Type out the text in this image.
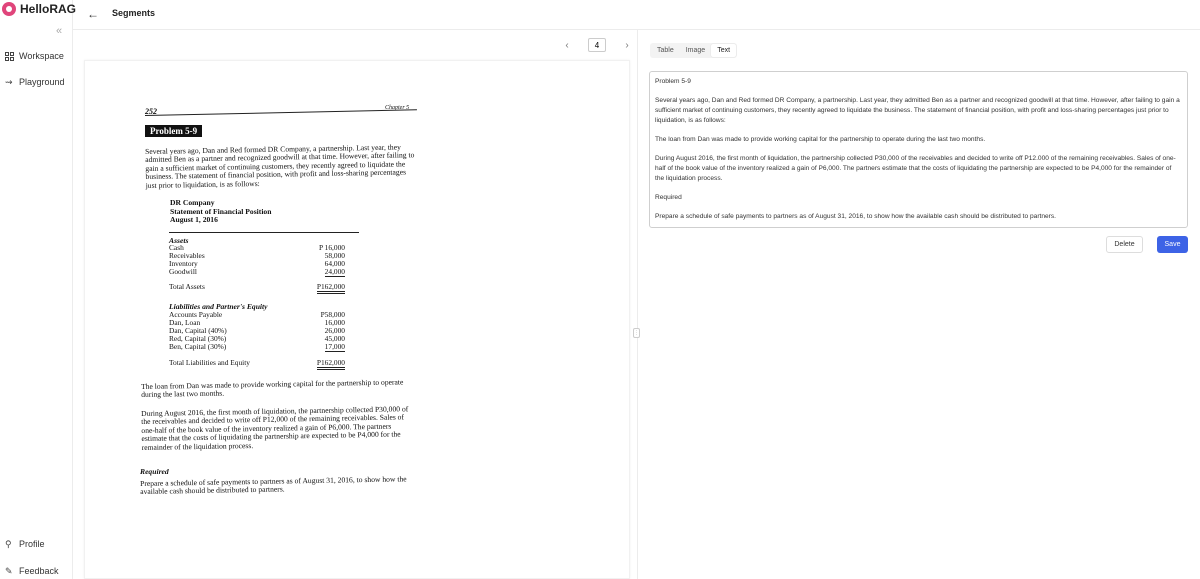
HelloRAG
«
Workspace
⇝ Playground
⚲ Profile
✎ Feedback
← Segments
‹
4	›
252	Chapter 5
Problem 5-9
Several years ago, Dan and Red formed DR Company, a partnership. Last year, they admitted Ben as a partner and recognized goodwill at that time. However, after failing to gain a sufficient market of continuing customers, they recently agreed to liquidate the business. The statement of financial position, with profit and loss-sharing percentages just prior to liquidation, is as follows:
DR Company
Statement of Financial Position
August 1, 2016
Assets
Cash	P 16,000
Receivables	58,000
Inventory	64,000
Goodwill	24,000
Total Assets	P162,000
Liabilities and Partner's Equity
Accounts Payable	P58,000
Dan, Loan	16,000
Dan, Capital (40%)	26,000
Red, Capital (30%)	45,000
Ben, Capital (30%)	17,000
Total Liabilities and Equity	P162,000
The loan from Dan was made to provide working capital for the partnership to operate during the last two months.
During August 2016, the first month of liquidation, the partnership collected P30,000 of the receivables and decided to write off P12,000 of the remaining receivables. Sales of one-half of the book value of the inventory realized a gain of P6,000. The partners estimate that the costs of liquidating the partnership are expected to be P4,000 for the remainder of the liquidation process.
Required
Prepare a schedule of safe payments to partners as of August 31, 2016, to show how the available cash should be distributed to partners.
⋮
Table	Image	Text

Problem 5-9

Several years ago, Dan and Red formed DR Company, a partnership. Last year, they admitted Ben as a partner and recognized goodwill at that time. However, after failing to gain a sufficient market of continuing customers, they recently agreed to liquidate the business. The statement of financial position, with profit and loss-sharing percentages just prior to liquidation, is as follows:

The loan from Dan was made to provide working capital for the partnership to operate during the last two months.

During August 2016, the first month of liquidation, the partnership collected P30,000 of the receivables and decided to write off P12.000 of the remaining receivables. Sales of one-half of the book value of the inventory realized a gain of P6,000. The partners estimate that the costs of liquidating the partnership are expected to be P4,000 for the remainder of the liquidation process.

Required

Prepare a schedule of safe payments to partners as of August 31, 2016, to show how the available cash should be distributed to partners.

Delete	Save
